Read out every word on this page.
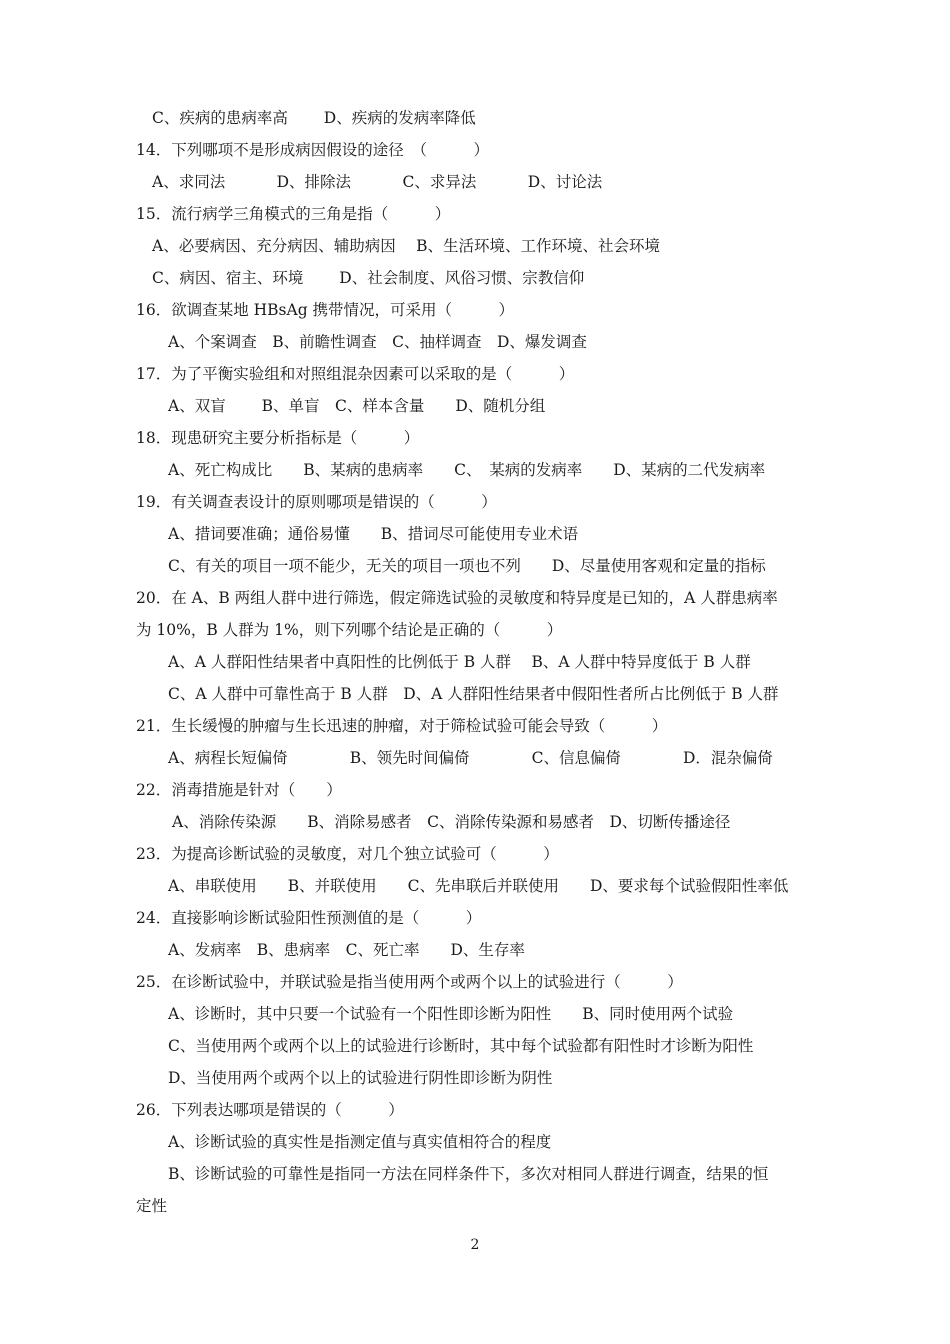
C、疾病的患病率高　　 D、疾病的发病率降低
14．下列哪项不是形成病因假设的途径　（　　　）
A、求同法　　　 D、排除法　　　 C、求异法　　　 D、讨论法
15．流行病学三角模式的三角是指（　　　）
A、必要病因、充分病因、辅助病因　 B、生活环境、工作环境、社会环境
C、病因、宿主、环境　　 D、社会制度、风俗习惯、宗教信仰
16．欲调查某地 HBsAg 携带情况，可采用（　　　）
A、个案调查　B、前瞻性调查　C、抽样调查　D、爆发调查
17．为了平衡实验组和对照组混杂因素可以采取的是（　　　）
A、双盲　　 B、单盲　C、样本含量　　D、随机分组
18．现患研究主要分析指标是（　　　）
A、死亡构成比　　B、某病的患病率　　C、　某病的发病率　　D、某病的二代发病率
19．有关调查表设计的原则哪项是错误的（　　　）
A、措词要准确；通俗易懂　　B、措词尽可能使用专业术语
C、有关的项目一项不能少，无关的项目一项也不列　　D、尽量使用客观和定量的指标
20．在 A、B 两组人群中进行筛选，假定筛选试验的灵敏度和特异度是已知的，A 人群患病率
为 10%，B 人群为 1%，则下列哪个结论是正确的（　　　）
A、A 人群阳性结果者中真阳性的比例低于 B 人群　 B、A 人群中特异度低于 B 人群
C、A 人群中可靠性高于 B 人群　D、A 人群阳性结果者中假阳性者所占比例低于 B 人群
21．生长缓慢的肿瘤与生长迅速的肿瘤，对于筛检试验可能会导致（　　　）
A、病程长短偏倚　　　　B、领先时间偏倚　　　　C、信息偏倚　　　　D．混杂偏倚
22．消毒措施是针对（　　）
A、消除传染源　　B、消除易感者　C、消除传染源和易感者　D、切断传播途径
23．为提高诊断试验的灵敏度，对几个独立试验可（　　　）
A、串联使用　　B、并联使用　　C、先串联后并联使用　　D、要求每个试验假阳性率低
24．直接影响诊断试验阳性预测值的是（　　　）
A、发病率　B、患病率　C、死亡率　　D、生存率
25．在诊断试验中，并联试验是指当使用两个或两个以上的试验进行（　　　）
A、诊断时，其中只要一个试验有一个阳性即诊断为阳性　　B、同时使用两个试验
C、当使用两个或两个以上的试验进行诊断时，其中每个试验都有阳性时才诊断为阳性
D、当使用两个或两个以上的试验进行阴性即诊断为阴性
26．下列表达哪项是错误的（　　　）
A、诊断试验的真实性是指测定值与真实值相符合的程度
B、诊断试验的可靠性是指同一方法在同样条件下，多次对相同人群进行调查，结果的恒
定性
2
